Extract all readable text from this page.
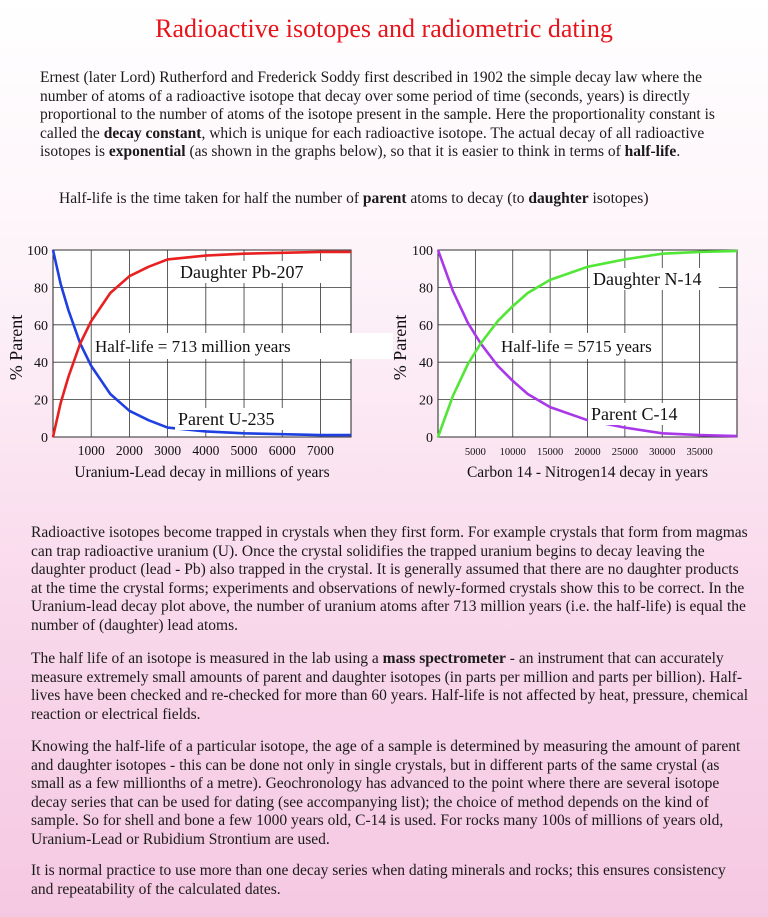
Radioactive isotopes and radiometric dating

Ernest (later Lord) Rutherford and Frederick Soddy first described in 1902 the simple decay law where the number of atoms of a radioactive isotope that decay over some period of time (seconds, years) is directly proportional to the number of atoms of the isotope present in the sample. Here the proportionality constant is called the decay constant, which is unique for each radioactive isotope. The actual decay of all radioactive isotopes is exponential (as shown in the graphs below), so that it is easier to think in terms of half-life.

Half-life is the time taken for half the number of parent atoms to decay (to daughter isotopes)

0
20
40
60
80
100
1000 2000 3000 4000 5000 6000 7000
Uranium-Lead decay in millions of years
% Parent
Parent U-235
Daughter Pb-207
Half-life = 713 million years
0
20
40
60
80
100
5000 10000 15000 20000 25000 30000 35000
Carbon 14 - Nitrogen14 decay in years
% Parent
Parent C-14
Daughter N-14
Half-life = 5715 years

Radioactive isotopes become trapped in crystals when they first form. For example crystals that form from magmas can trap radioactive uranium (U). Once the crystal solidifies the trapped uranium begins to decay leaving the daughter product (lead - Pb) also trapped in the crystal. It is generally assumed that there are no daughter products at the time the crystal forms; experiments and observations of newly-formed crystals show this to be correct. In the Uranium-lead decay plot above, the number of uranium atoms after 713 million years (i.e. the half-life) is equal the number of (daughter) lead atoms.

The half life of an isotope is measured in the lab using a mass spectrometer - an instrument that can accurately measure extremely small amounts of parent and daughter isotopes (in parts per million and parts per billion). Half-lives have been checked and re-checked for more than 60 years. Half-life is not affected by heat, pressure, chemical reaction or electrical fields.

Knowing the half-life of a particular isotope, the age of a sample is determined by measuring the amount of parent and daughter isotopes - this can be done not only in single crystals, but in different parts of the same crystal (as small as a few millionths of a metre). Geochronology has advanced to the point where there are several isotope decay series that can be used for dating (see accompanying list); the choice of method depends on the kind of sample. So for shell and bone a few 1000 years old, C-14 is used. For rocks many 100s of millions of years old, Uranium-Lead or Rubidium Strontium are used.

It is normal practice to use more than one decay series when dating minerals and rocks; this ensures consistency and repeatability of the calculated dates.
